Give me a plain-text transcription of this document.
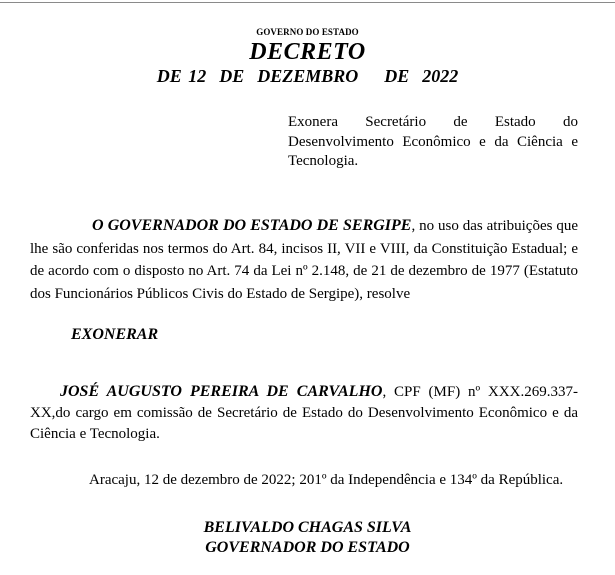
GOVERNO DO ESTADO
DECRETO
DE 12  DE  DEZEMBRO    DE  2022
Exonera Secretário de Estado do Desenvolvimento Econômico e da Ciência e Tecnologia.

O GOVERNADOR DO ESTADO DE SERGIPE, no uso das atribuições que lhe são conferidas nos termos do Art. 84, incisos II, VII e VIII, da Constituição Estadual; e de acordo com o disposto no Art. 74 da Lei nº 2.148, de 21 de dezembro de 1977 (Estatuto dos Funcionários Públicos Civis do Estado de Sergipe), resolve

EXONERAR

JOSÉ AUGUSTO PEREIRA DE CARVALHO, CPF (MF) nº XXX.269.337-XX,do cargo em comissão de Secretário de Estado do Desenvolvimento Econômico e da Ciência e Tecnologia.

Aracaju, 12 de dezembro de 2022; 201º da Independência e 134º da República.

BELIVALDO CHAGAS SILVA
GOVERNADOR DO ESTADO
